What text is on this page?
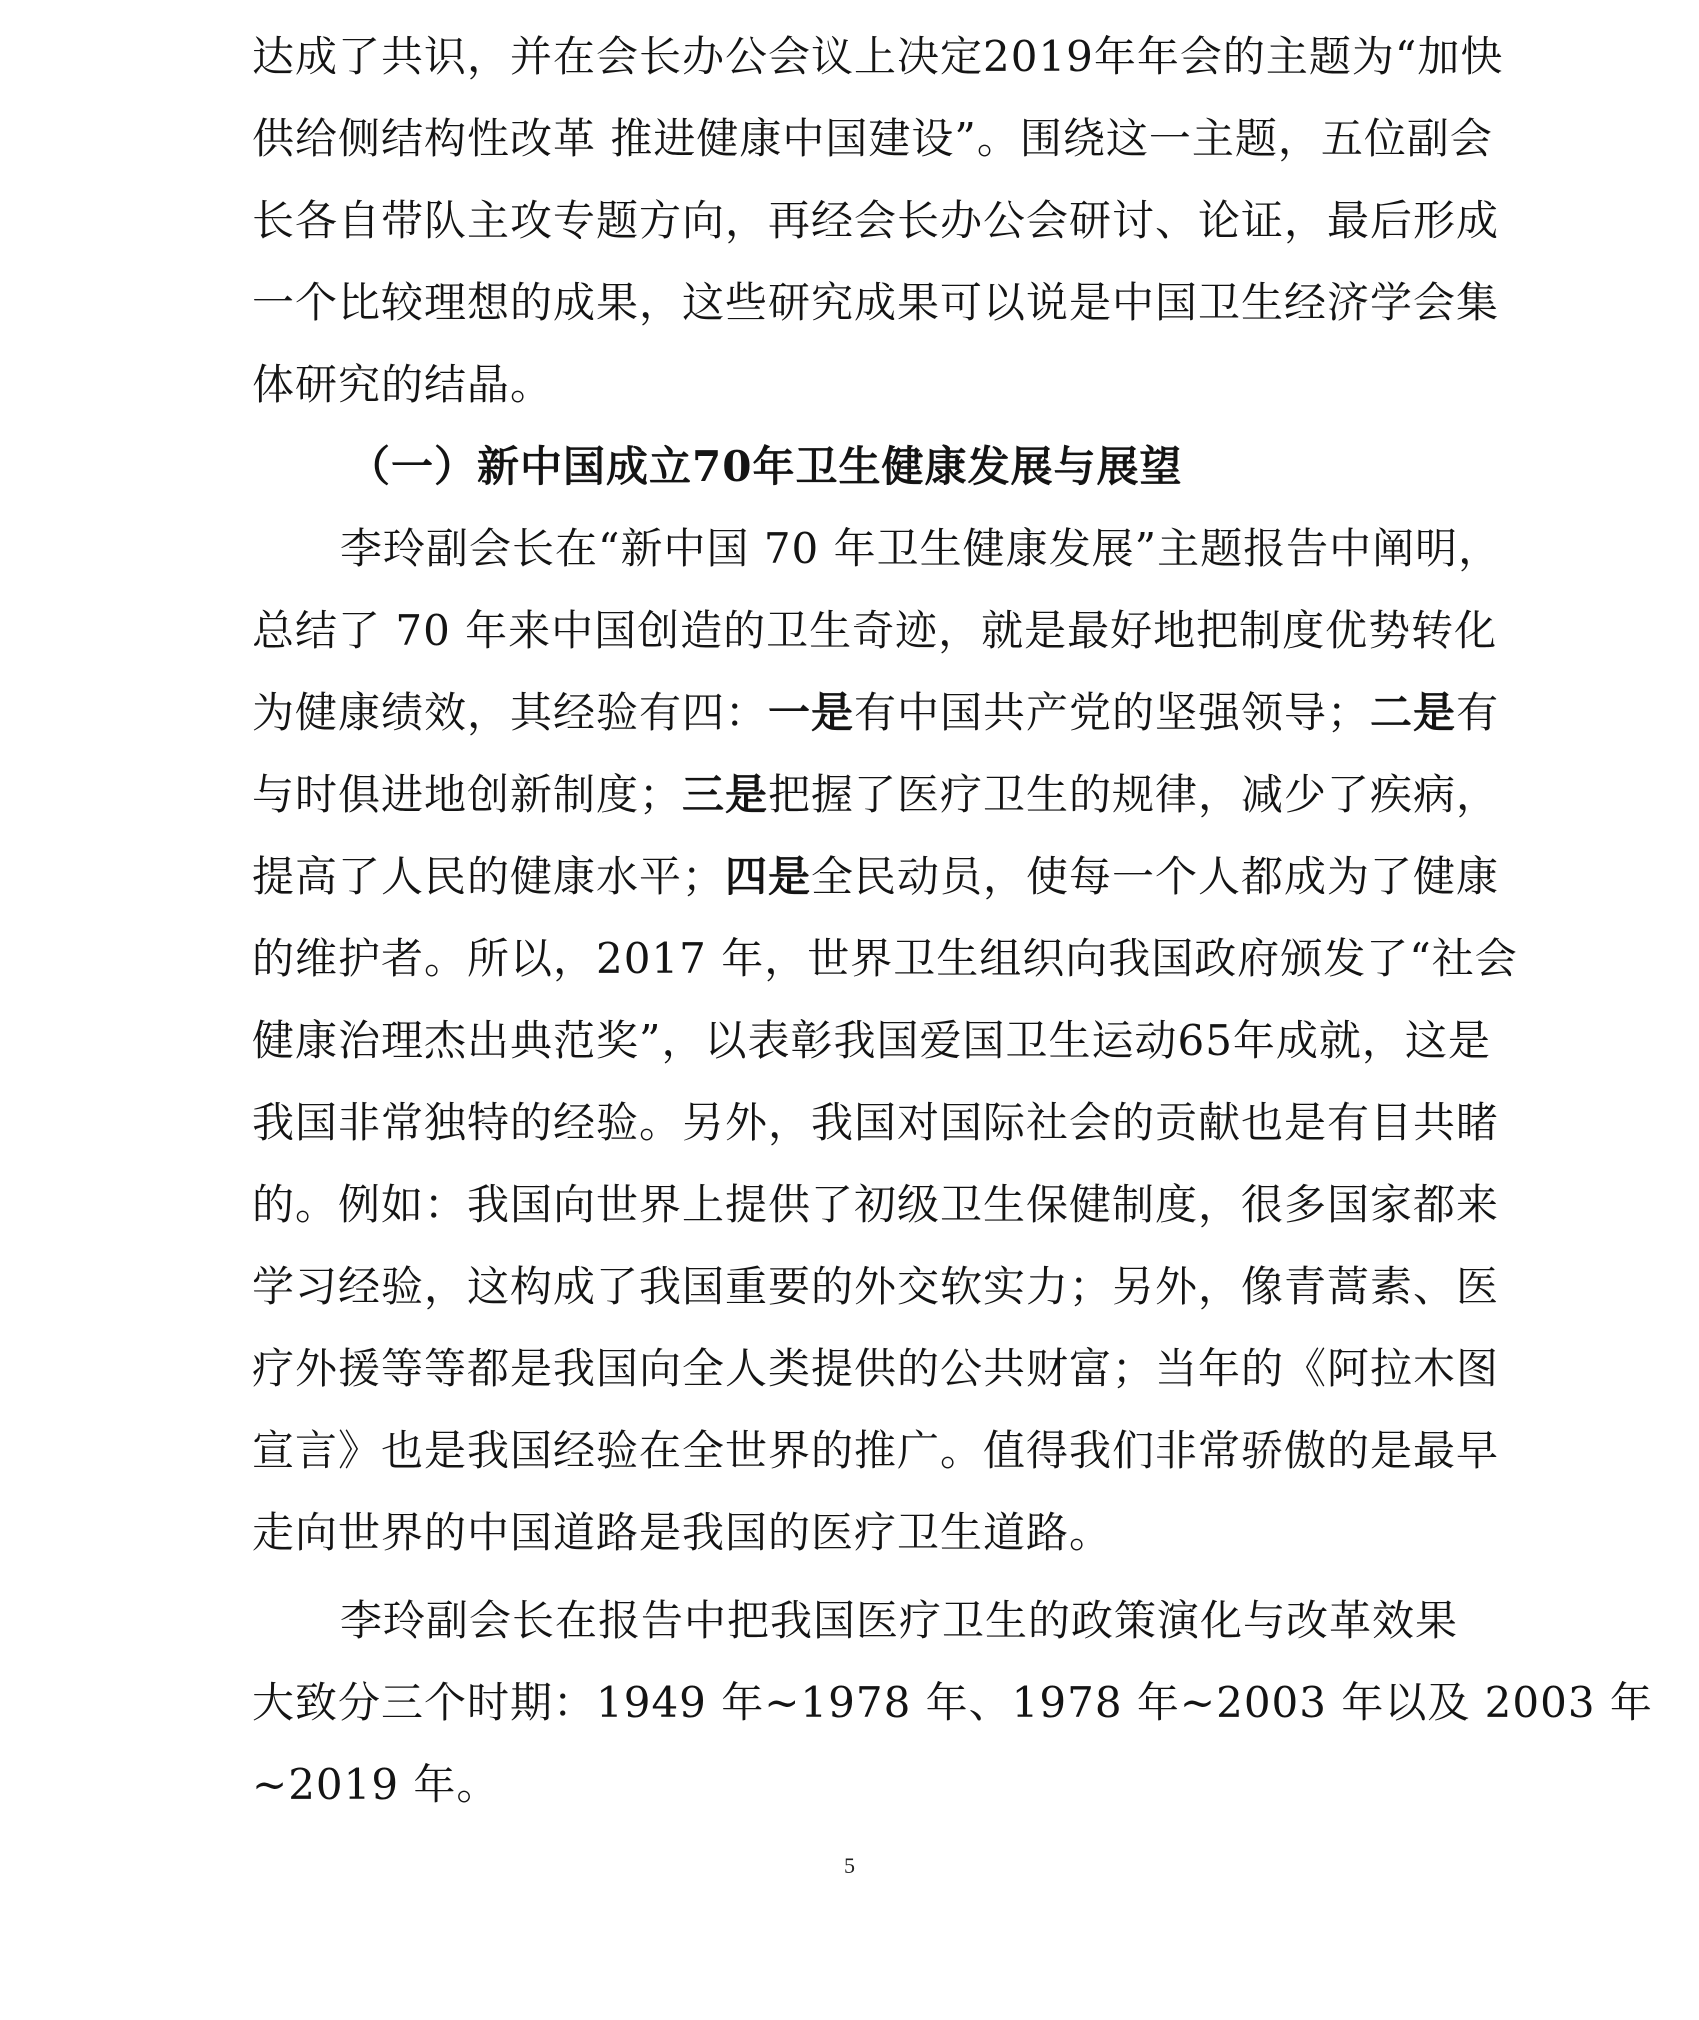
达成了共识，并在会长办公会议上决定2019年年会的主题为“加快
供给侧结构性改革 推进健康中国建设”。围绕这一主题，五位副会
长各自带队主攻专题方向，再经会长办公会研讨、论证，最后形成
一个比较理想的成果，这些研究成果可以说是中国卫生经济学会集
体研究的结晶。
（一）新中国成立70年卫生健康发展与展望
李玲副会长在“新中国 70 年卫生健康发展”主题报告中阐明，
总结了 70 年来中国创造的卫生奇迹，就是最好地把制度优势转化
为健康绩效，其经验有四：一是有中国共产党的坚强领导；二是有
与时俱进地创新制度；三是把握了医疗卫生的规律，减少了疾病，
提高了人民的健康水平；四是全民动员，使每一个人都成为了健康
的维护者。所以，2017 年，世界卫生组织向我国政府颁发了“社会
健康治理杰出典范奖”，以表彰我国爱国卫生运动65年成就，这是
我国非常独特的经验。另外，我国对国际社会的贡献也是有目共睹
的。例如：我国向世界上提供了初级卫生保健制度，很多国家都来
学习经验，这构成了我国重要的外交软实力；另外，像青蒿素、医
疗外援等等都是我国向全人类提供的公共财富；当年的《阿拉木图
宣言》也是我国经验在全世界的推广。值得我们非常骄傲的是最早
走向世界的中国道路是我国的医疗卫生道路。
李玲副会长在报告中把我国医疗卫生的政策演化与改革效果
大致分三个时期：1949 年~1978 年、1978 年~2003 年以及 2003 年
~2019 年。
5
